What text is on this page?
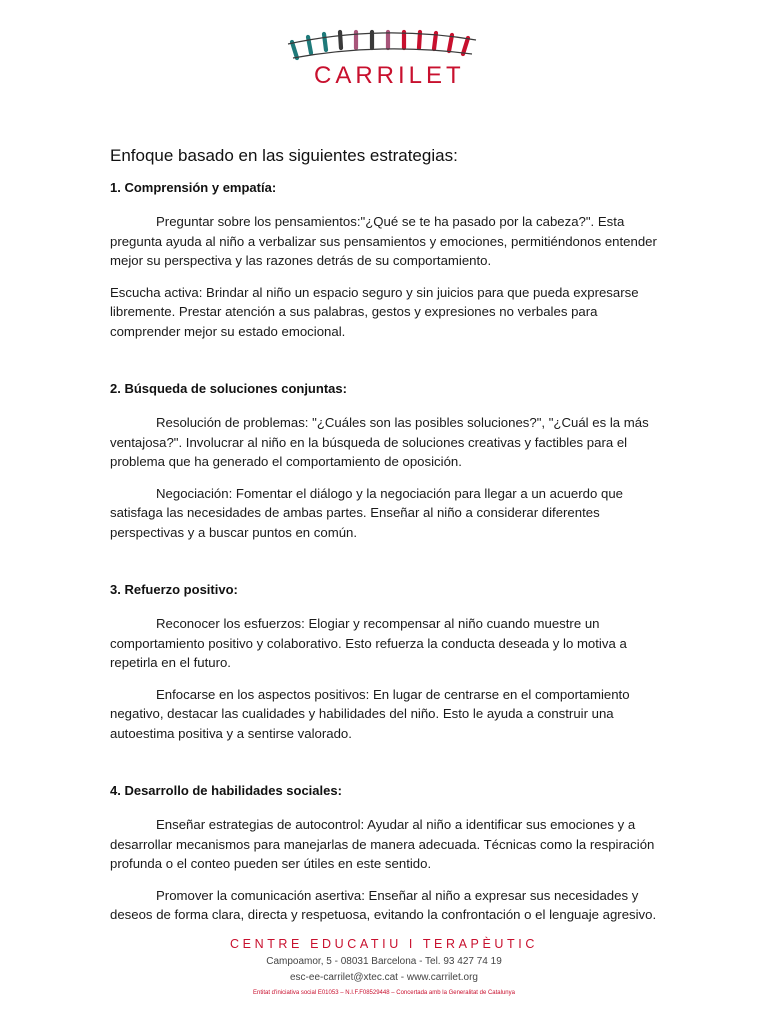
CARRILET
Enfoque basado en las siguientes estrategias:
1. Comprensión y empatía:

Preguntar sobre los pensamientos:"¿Qué se te ha pasado por la cabeza?". Esta pregunta ayuda al niño a verbalizar sus pensamientos y emociones, permitiéndonos entender mejor su perspectiva y las razones detrás de su comportamiento.

Escucha activa: Brindar al niño un espacio seguro y sin juicios para que pueda expresarse libremente. Prestar atención a sus palabras, gestos y expresiones no verbales para comprender mejor su estado emocional.

2. Búsqueda de soluciones conjuntas:

Resolución de problemas: "¿Cuáles son las posibles soluciones?", "¿Cuál es la más ventajosa?". Involucrar al niño en la búsqueda de soluciones creativas y factibles para el problema que ha generado el comportamiento de oposición.

Negociación: Fomentar el diálogo y la negociación para llegar a un acuerdo que satisfaga las necesidades de ambas partes. Enseñar al niño a considerar diferentes perspectivas y a buscar puntos en común.

3. Refuerzo positivo:

Reconocer los esfuerzos: Elogiar y recompensar al niño cuando muestre un comportamiento positivo y colaborativo. Esto refuerza la conducta deseada y lo motiva a repetirla en el futuro.

Enfocarse en los aspectos positivos: En lugar de centrarse en el comportamiento negativo, destacar las cualidades y habilidades del niño. Esto le ayuda a construir una autoestima positiva y a sentirse valorado.

4. Desarrollo de habilidades sociales:

Enseñar estrategias de autocontrol: Ayudar al niño a identificar sus emociones y a desarrollar mecanismos para manejarlas de manera adecuada. Técnicas como la respiración profunda o el conteo pueden ser útiles en este sentido.

Promover la comunicación asertiva: Enseñar al niño a expresar sus necesidades y deseos de forma clara, directa y respetuosa, evitando la confrontación o el lenguaje agresivo.

CENTRE EDUCATIU I TERAPÈUTIC

Campoamor, 5 - 08031 Barcelona - Tel. 93 427 74 19

esc-ee-carrilet@xtec.cat - www.carrilet.org

Entitat d'iniciativa social E01053 – N.I.F.F08529448 – Concertada amb la Generalitat de Catalunya
